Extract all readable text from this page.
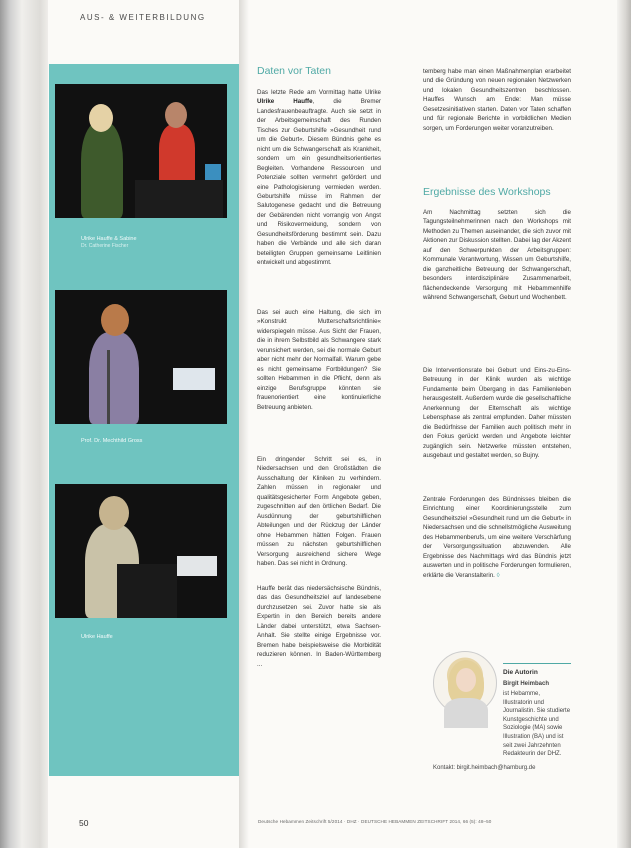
AUS- & WEITERBILDUNG
Ulrike Hauffe & Sabine
Dr. Catherine Fischer
Prof. Dr. Mechthild Gross
Ulrike Hauffe
Daten vor Taten
Das letzte Rede am Vormittag hatte Ulrike Ulrike Hauffe, die Bremer Landesfrauenbeauftragte. Auch sie setzt in der Arbeitsgemeinschaft des Runden Tisches zur Geburtshilfe »Gesundheit rund um die Geburt«. Diesem Bündnis gehe es nicht um die Schwangerschaft als Krankheit, sondern um ein gesundheitsorientiertes Begleiten. Vorhandene Ressourcen und Potenziale sollten vermehrt gefördert und eine Pathologisierung vermieden werden. Geburtshilfe müsse im Rahmen der Salutogenese gedacht und die Betreuung der Gebärenden nicht vorrangig von Angst und Risikovermeidung, sondern von Gesundheitsförderung bestimmt sein. Dazu haben die Verbände und alle sich daran beteiligten Gruppen gemeinsame Leitlinien entwickelt und abgestimmt.
Das sei auch eine Haltung, die sich im »Konstrukt Mutterschaftsrichtlinie« widerspiegeln müsse. Aus Sicht der Frauen, die in ihrem Selbstbild als Schwangere stark verunsichert werden, sei die normale Geburt aber nicht mehr der Normalfall. Warum gebe es nicht gemeinsame Fortbildungen? Sie sollten Hebammen in die Pflicht, denn als einzige Berufsgruppe könnten sie frauenorientiert eine kontinuierliche Betreuung anbieten.
Ein dringender Schritt sei es, in Niedersachsen und den Großstädten die Ausschaltung der Kliniken zu verhindern. Zahlen müssen in regionaler und qualitätsgesicherter Form Angebote geben, zugeschnitten auf den örtlichen Bedarf. Die Ausdünnung der geburtshilflichen Abteilungen und der Rückzug der Länder ohne Hebammen hätten Folgen. Frauen müssen zu nächsten geburtshilflichen Versorgung ausreichend sichere Wege haben. Das sei nicht in Ordnung.
Hauffe berät das niedersächsische Bündnis, das das Gesundheitsziel auf landesebene durchzusetzen sei. Zuvor hatte sie als Expertin in den Bereich bereits andere Länder dabei unterstützt, etwa Sachsen-Anhalt. Sie stellte einige Ergebnisse vor. Bremen habe beispielsweise die Morbidität reduzieren können. In Baden-Württemberg ...
temberg habe man einen Maßnahmenplan erarbeitet und die Gründung von neuen regionalen Netzwerken und lokalen Gesundheitszentren beschlossen. Hauffes Wunsch am Ende: Man müsse Gesetzesinitiativen starten. Daten vor Taten schaffen und für regionale Berichte in vorbildlichen Medien sorgen, um Forderungen weiter voranzutreiben.
Ergebnisse des Workshops
Am Nachmittag setzten sich die Tagungsteilnehmerinnen nach den Workshops mit Methoden zu Themen auseinander, die sich zuvor mit Aktionen zur Diskussion stellten. Dabei lag der Akzent auf den Schwerpunkten der Arbeitsgruppen: Kommunale Verantwortung, Wissen um Geburtshilfe, die ganzheitliche Betreuung der Schwangerschaft, besonders interdisziplinäre Zusammenarbeit, flächendeckende Versorgung mit Hebammenhilfe während Schwangerschaft, Geburt und Wochenbett.
Die Interventionsrate bei Geburt und Eins-zu-Eins-Betreuung in der Klinik wurden als wichtige Fundamente beim Übergang in das Familienleben herausgestellt. Außerdem wurde die gesellschaftliche Anerkennung der Elternschaft als wichtige Lebensphase als zentral empfunden. Daher müssten die Bedürfnisse der Familien auch politisch mehr in den Fokus gerückt werden und Angebote leichter zugänglich sein. Netzwerke müssten entstehen, ausgebaut und gestaltet werden, so Bujny.
Zentrale Forderungen des Bündnisses bleiben die Einrichtung einer Koordinierungsstelle zum Gesundheitsziel »Gesundheit rund um die Geburt« in Niedersachsen und die schnellstmögliche Ausweitung des Hebammenberufs, um eine weitere Verschärfung der Versorgungssituation abzuwenden. Alle Ergebnisse des Nachmittags wird das Bündnis jetzt auswerten und in politische Forderungen formulieren, erklärte die Veranstalterin. ◊
Die Autorin
Birgit Heimbach
ist Hebamme, Illustratorin und Journalistin. Sie studierte Kunstgeschichte und Soziologie (MA) sowie Illustration (BA) und ist seit zwei Jahrzehnten Redakteurin der DHZ.
Kontakt: birgit.heimbach@hamburg.de
50	Deutsche Hebammen Zeitschrift 5/2014 · DHZ · DEUTSCHE HEBAMMEN ZEITSCHRIFT 2014, 66 (5): 48–50
